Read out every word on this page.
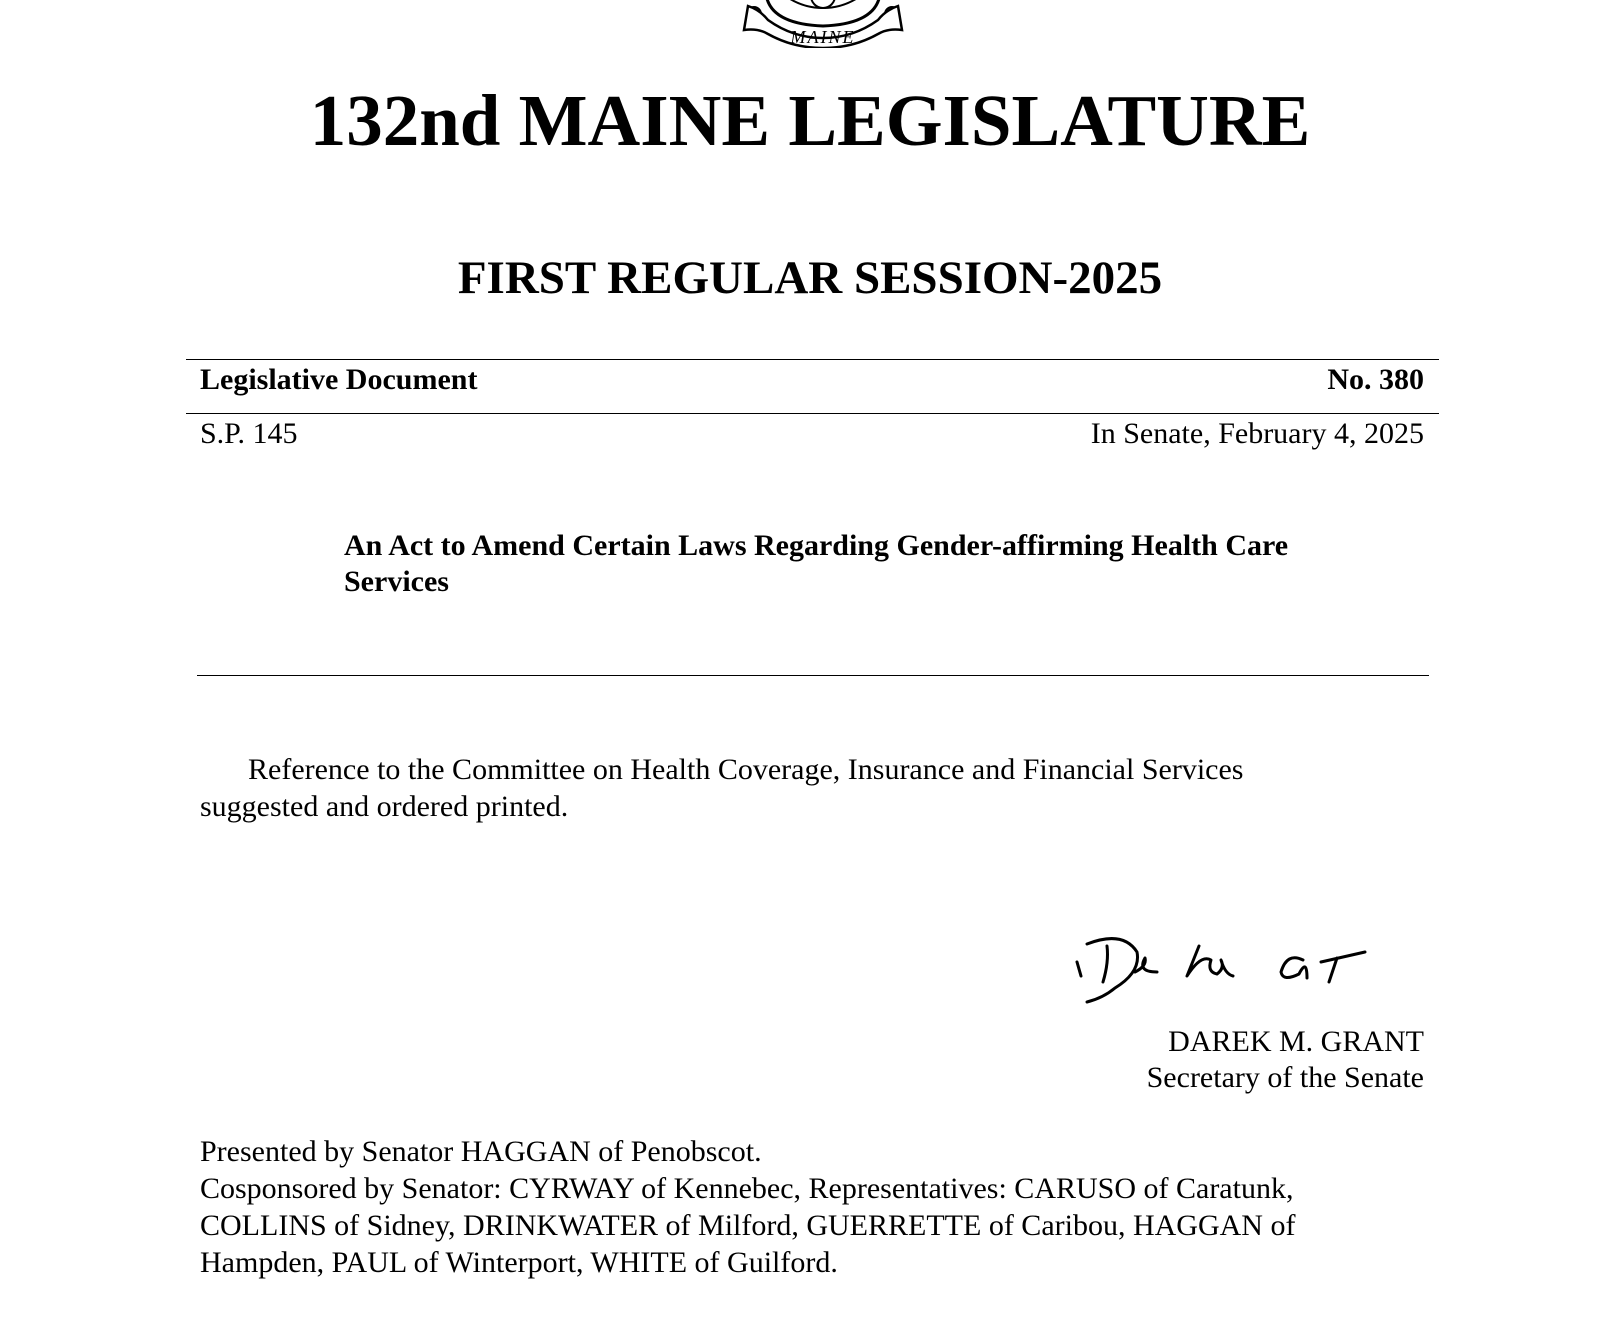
MAINE
132nd MAINE LEGISLATURE
FIRST REGULAR SESSION-2025
Legislative Document	No. 380
S.P. 145	In Senate, February 4, 2025
An Act to Amend Certain Laws Regarding Gender-affirming Health Care Services
Reference to the Committee on Health Coverage, Insurance and Financial Services suggested and ordered printed.
DAREK M. GRANT
Secretary of the Senate
Presented by Senator HAGGAN of Penobscot.
Cosponsored by Senator: CYRWAY of Kennebec, Representatives: CARUSO of Caratunk, COLLINS of Sidney, DRINKWATER of Milford, GUERRETTE of Caribou, HAGGAN of Hampden, PAUL of Winterport, WHITE of Guilford.
